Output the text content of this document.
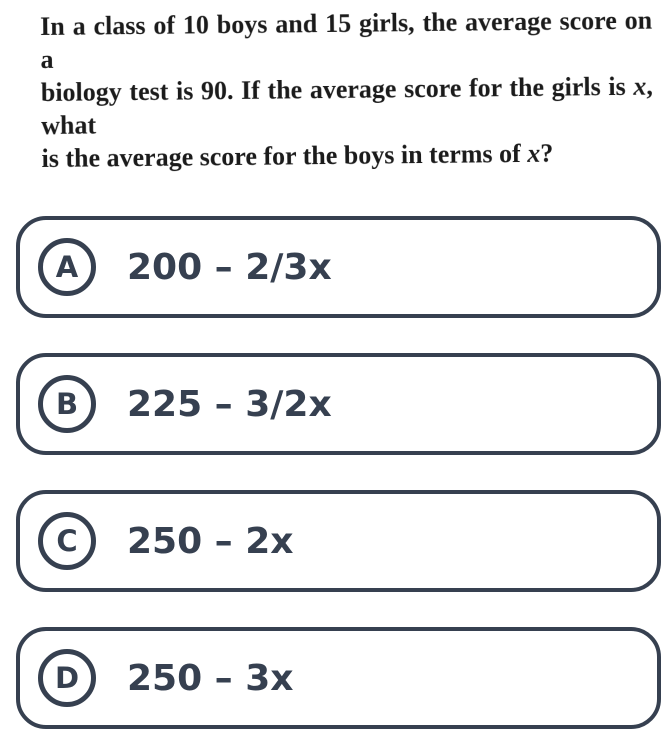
In a class of 10 boys and 15 girls, the average score on a

biology test is 90. If the average score for the girls is x, what

is the average score for the boys in terms of x?

A 200 – 2/3x
B 225 – 3/2x
C 250 – 2x
D 250 – 3x
